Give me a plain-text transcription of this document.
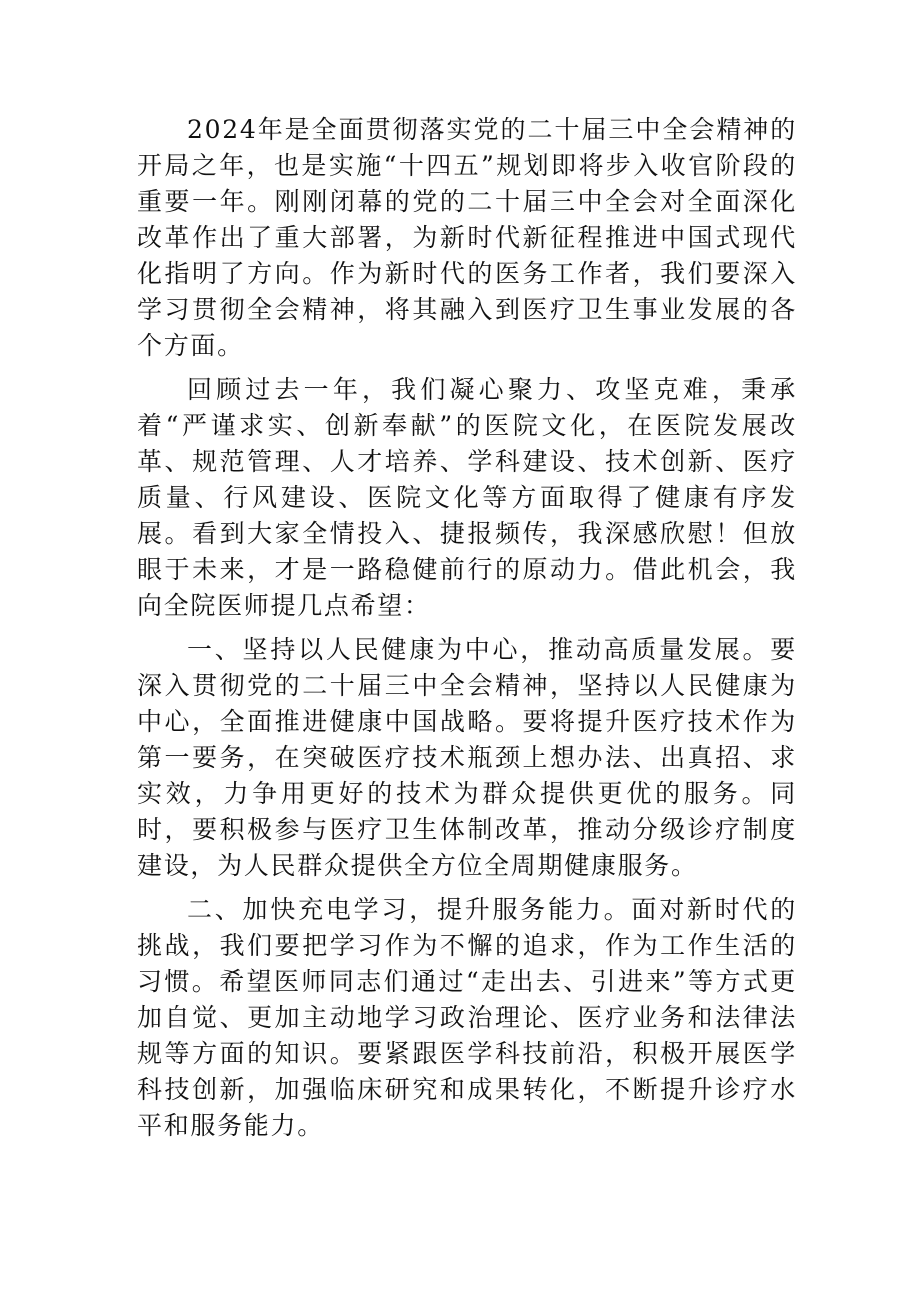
2024年是全面贯彻落实党的二十届三中全会精神的开局之年，也是实施“十四五”规划即将步入收官阶段的重要一年。刚刚闭幕的党的二十届三中全会对全面深化改革作出了重大部署，为新时代新征程推进中国式现代化指明了方向。作为新时代的医务工作者，我们要深入学习贯彻全会精神，将其融入到医疗卫生事业发展的各个方面。

回顾过去一年，我们凝心聚力、攻坚克难，秉承着“严谨求实、创新奉献”的医院文化，在医院发展改革、规范管理、人才培养、学科建设、技术创新、医疗质量、行风建设、医院文化等方面取得了健康有序发展。看到大家全情投入、捷报频传，我深感欣慰！但放眼于未来，才是一路稳健前行的原动力。借此机会，我向全院医师提几点希望：

一、坚持以人民健康为中心，推动高质量发展。要深入贯彻党的二十届三中全会精神，坚持以人民健康为中心，全面推进健康中国战略。要将提升医疗技术作为第一要务，在突破医疗技术瓶颈上想办法、出真招、求实效，力争用更好的技术为群众提供更优的服务。同时，要积极参与医疗卫生体制改革，推动分级诊疗制度建设，为人民群众提供全方位全周期健康服务。

二、加快充电学习，提升服务能力。面对新时代的挑战，我们要把学习作为不懈的追求，作为工作生活的习惯。希望医师同志们通过“走出去、引进来”等方式更加自觉、更加主动地学习政治理论、医疗业务和法律法规等方面的知识。要紧跟医学科技前沿，积极开展医学科技创新，加强临床研究和成果转化，不断提升诊疗水平和服务能力。
